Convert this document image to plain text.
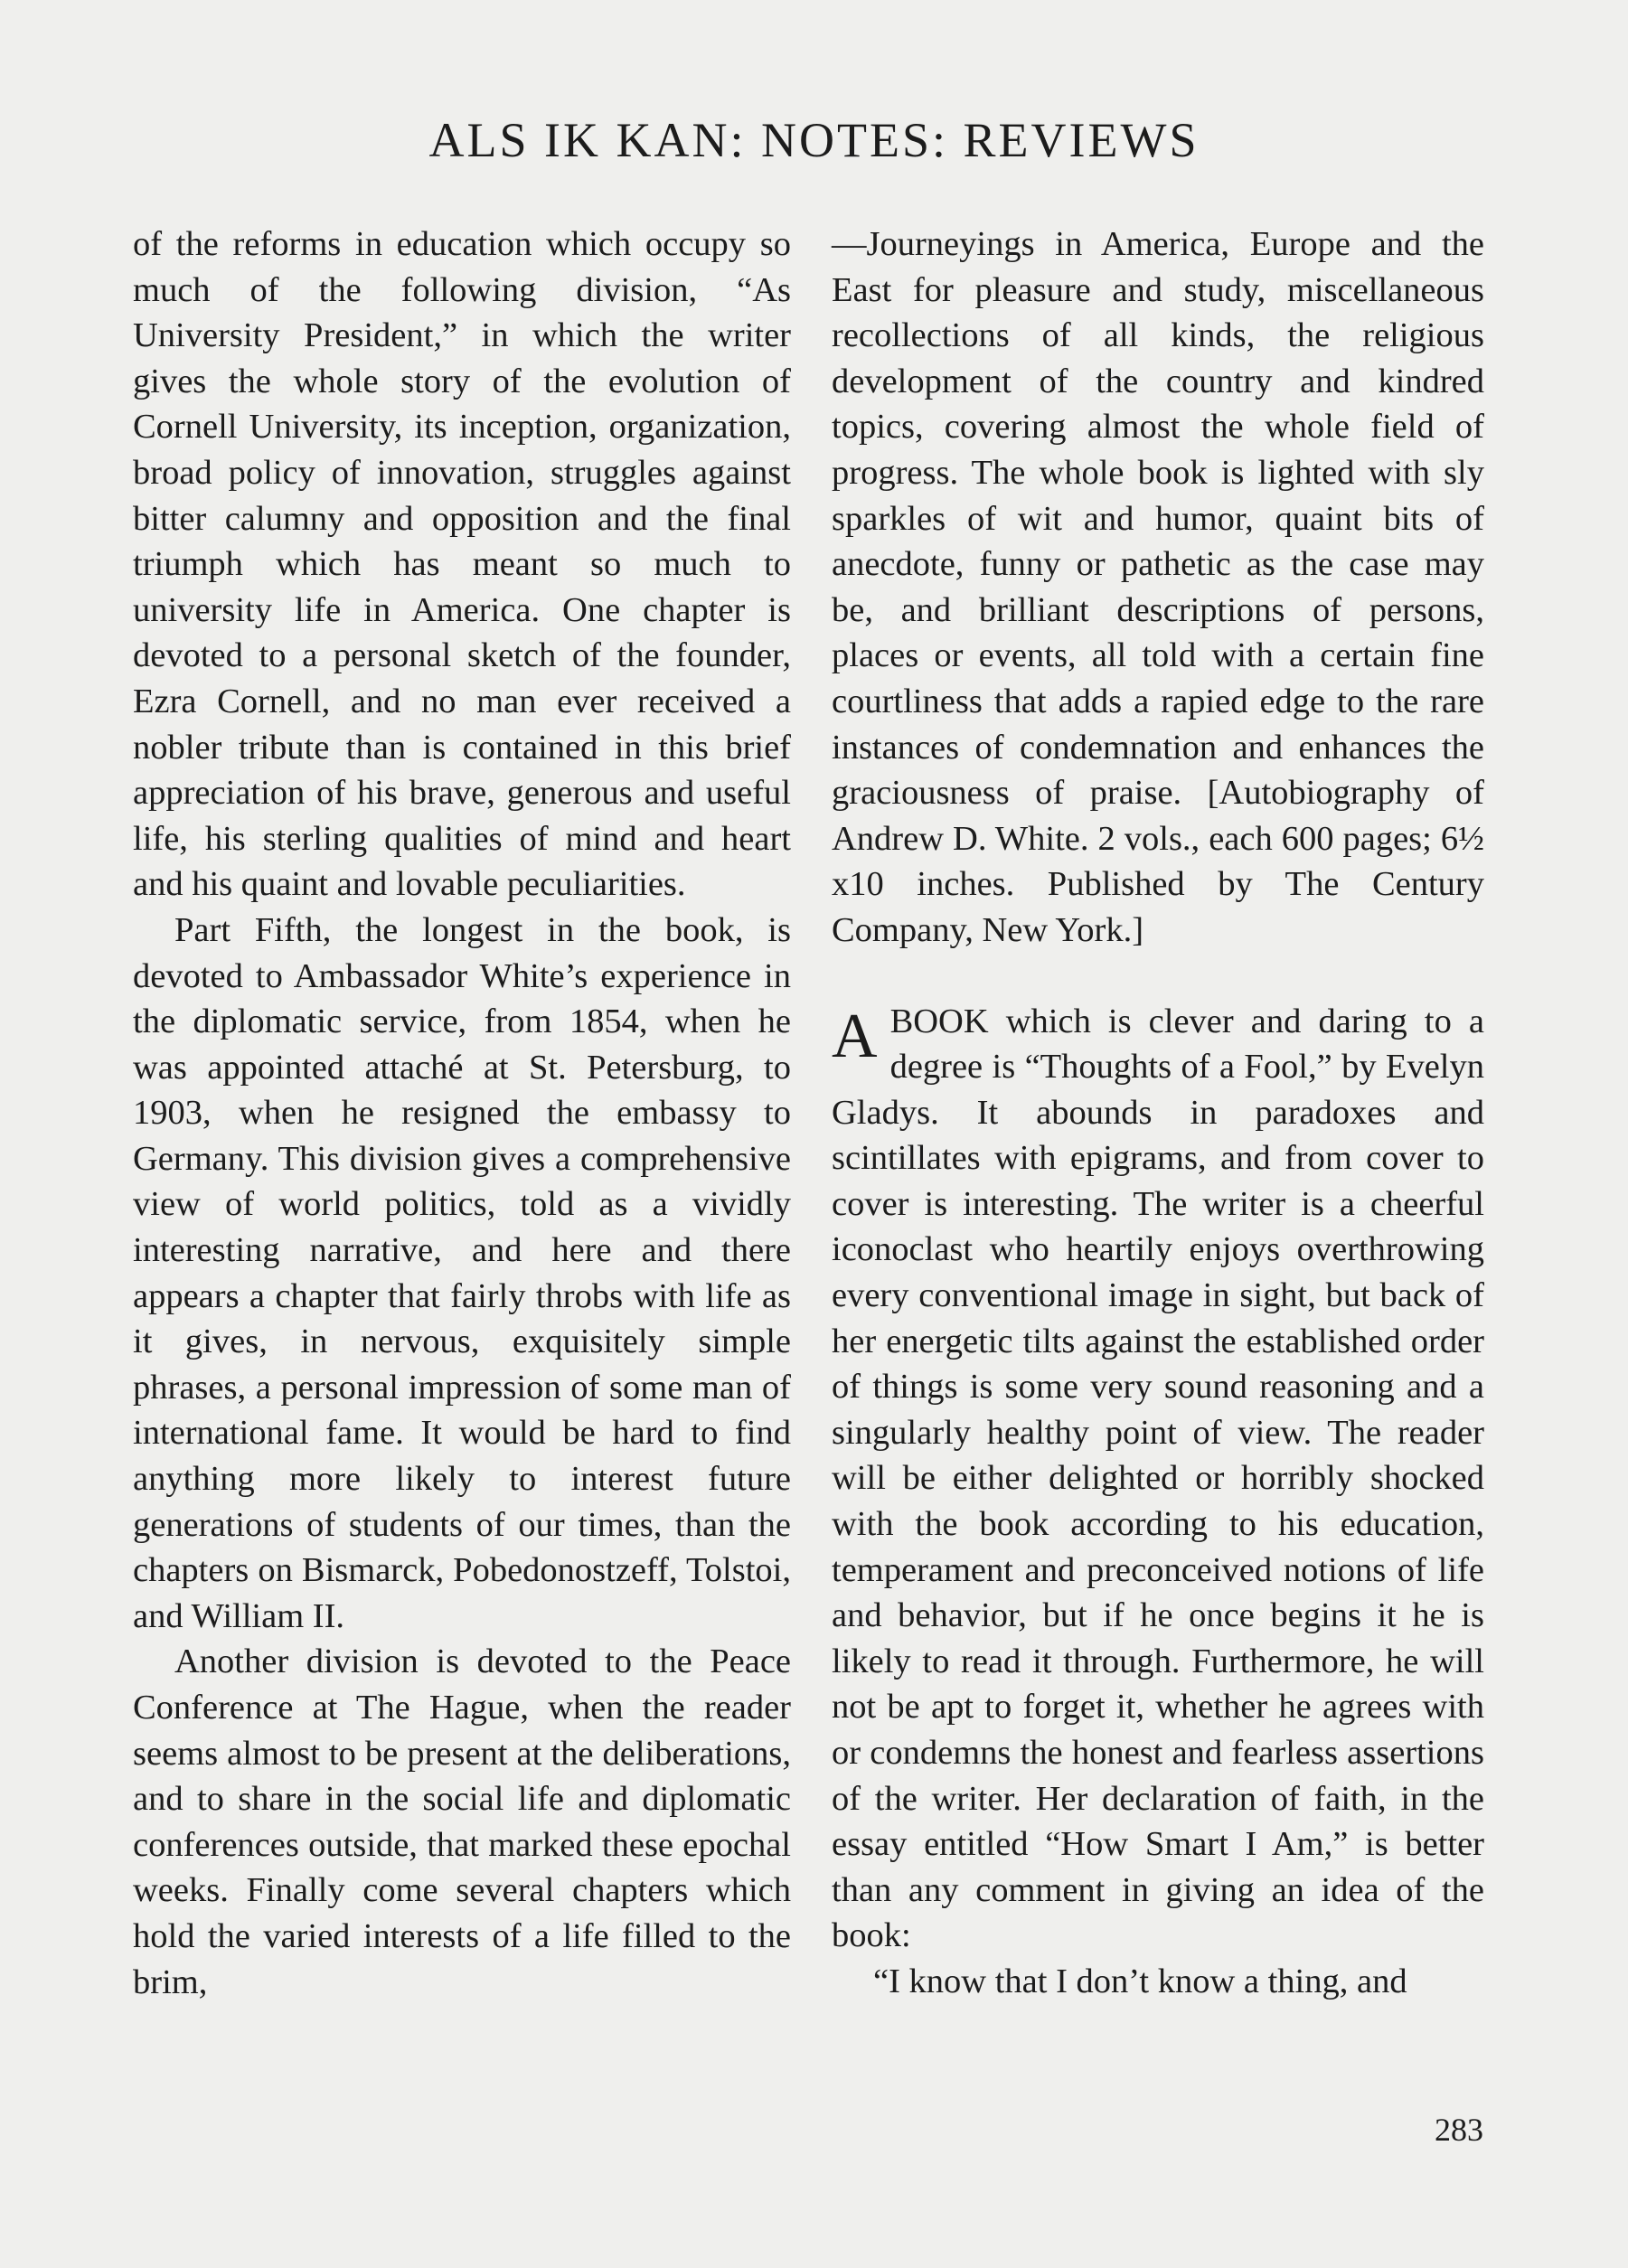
ALS IK KAN: NOTES: REVIEWS

of the reforms in education which occupy so much of the following division, “As University President,” in which the writer gives the whole story of the evolution of Cornell University, its inception, organization, broad policy of innovation, struggles against bitter calumny and opposition and the final triumph which has meant so much to university life in America. One chapter is devoted to a personal sketch of the founder, Ezra Cornell, and no man ever received a nobler tribute than is contained in this brief appreciation of his brave, generous and useful life, his sterling qualities of mind and heart and his quaint and lovable peculiarities.

Part Fifth, the longest in the book, is devoted to Ambassador White’s experience in the diplomatic service, from 1854, when he was appointed attaché at St. Petersburg, to 1903, when he resigned the embassy to Germany. This division gives a comprehensive view of world politics, told as a vividly interesting narrative, and here and there appears a chapter that fairly throbs with life as it gives, in nervous, exquisitely simple phrases, a personal impression of some man of international fame. It would be hard to find anything more likely to interest future generations of students of our times, than the chapters on Bismarck, Pobedonostzeff, Tolstoi, and William II.

Another division is devoted to the Peace Conference at The Hague, when the reader seems almost to be present at the deliberations, and to share in the social life and diplomatic conferences outside, that marked these epochal weeks. Finally come several chapters which hold the varied interests of a life filled to the brim,

—Journeyings in America, Europe and the East for pleasure and study, miscellaneous recollections of all kinds, the religious development of the country and kindred topics, covering almost the whole field of progress. The whole book is lighted with sly sparkles of wit and humor, quaint bits of anecdote, funny or pathetic as the case may be, and brilliant descriptions of persons, places or events, all told with a certain fine courtliness that adds a rapied edge to the rare instances of condemnation and enhances the graciousness of praise. [Autobiography of Andrew D. White. 2 vols., each 600 pages; 6½ x10 inches. Published by The Century Company, New York.]

ABOOK which is clever and daring to a degree is “Thoughts of a Fool,” by Evelyn Gladys. It abounds in paradoxes and scintillates with epigrams, and from cover to cover is interesting. The writer is a cheerful iconoclast who heartily enjoys overthrowing every conventional image in sight, but back of her energetic tilts against the established order of things is some very sound reasoning and a singularly healthy point of view. The reader will be either delighted or horribly shocked with the book according to his education, temperament and preconceived notions of life and behavior, but if he once begins it he is likely to read it through. Furthermore, he will not be apt to forget it, whether he agrees with or condemns the honest and fearless assertions of the writer. Her declaration of faith, in the essay entitled “How Smart I Am,” is better than any comment in giving an idea of the book:

“I know that I don’t know a thing, and

283
